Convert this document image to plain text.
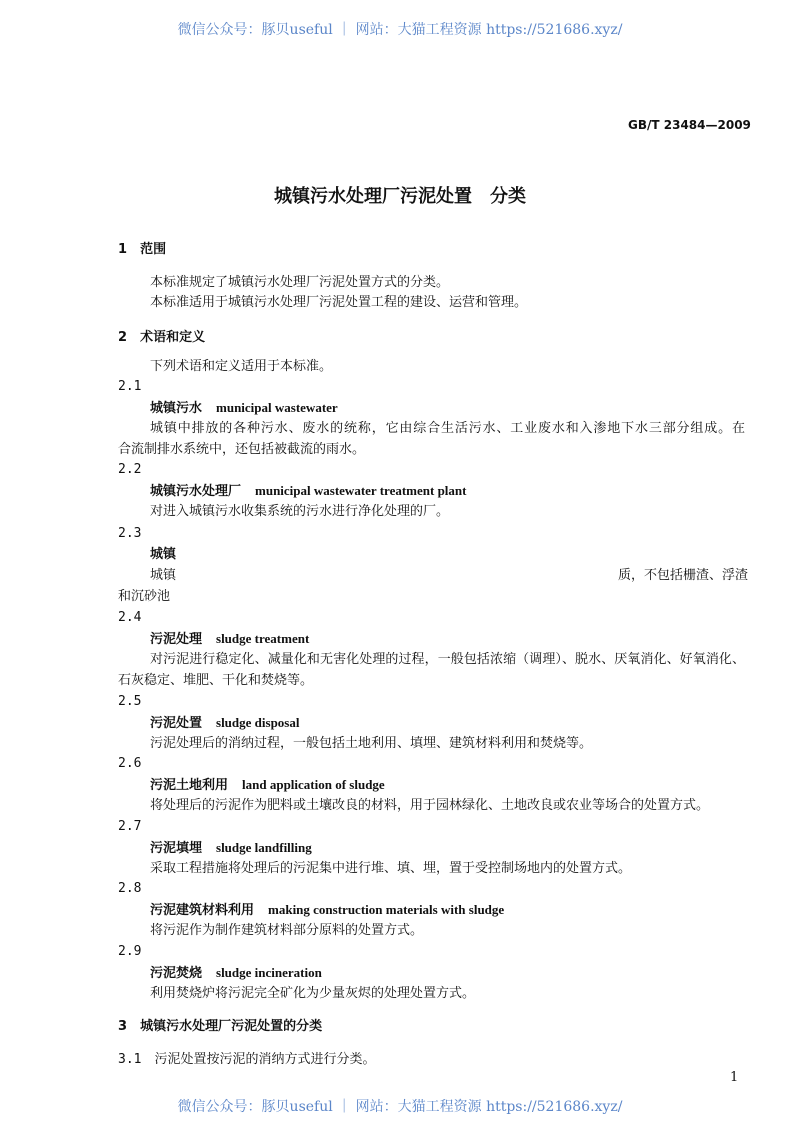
微信公众号：豚贝useful ｜ 网站：大猫工程资源 https://521686.xyz/
GB/T 23484—2009
城镇污水处理厂污泥处置　分类
1　 范围
本标准规定了城镇污水处理厂污泥处置方式的分类。
本标准适用于城镇污水处理厂污泥处置工程的建设、运营和管理。
2　 术语和定义
下列术语和定义适用于本标准。
2.1
城镇污水 municipal wastewater
城镇中排放的各种污水、废水的统称，它由综合生活污水、工业废水和入渗地下水三部分组成。在
合流制排水系统中，还包括被截流的雨水。
2.2
城镇污水处理厂 municipal wastewater treatment plant
对进入城镇污水收集系统的污水进行净化处理的厂。
2.3
城镇
城镇	质，不包括栅渣、浮渣
和沉砂池
2.4
污泥处理 sludge treatment
对污泥进行稳定化、减量化和无害化处理的过程，一般包括浓缩（调理）、脱水、厌氧消化、好氧消化、
石灰稳定、堆肥、干化和焚烧等。
2.5
污泥处置 sludge disposal
污泥处理后的消纳过程，一般包括土地利用、填埋、建筑材料利用和焚烧等。
2.6
污泥土地利用 land application of sludge
将处理后的污泥作为肥料或土壤改良的材料，用于园林绿化、土地改良或农业等场合的处置方式。
2.7
污泥填埋 sludge landfilling
采取工程措施将处理后的污泥集中进行堆、填、埋，置于受控制场地内的处置方式。
2.8
污泥建筑材料利用 making construction materials with sludge
将污泥作为制作建筑材料部分原料的处置方式。
2.9
污泥焚烧 sludge incineration
利用焚烧炉将污泥完全矿化为少量灰烬的处理处置方式。
3　 城镇污水处理厂污泥处置的分类
3.1　 污泥处置按污泥的消纳方式进行分类。
1
微信公众号：豚贝useful ｜ 网站：大猫工程资源 https://521686.xyz/
